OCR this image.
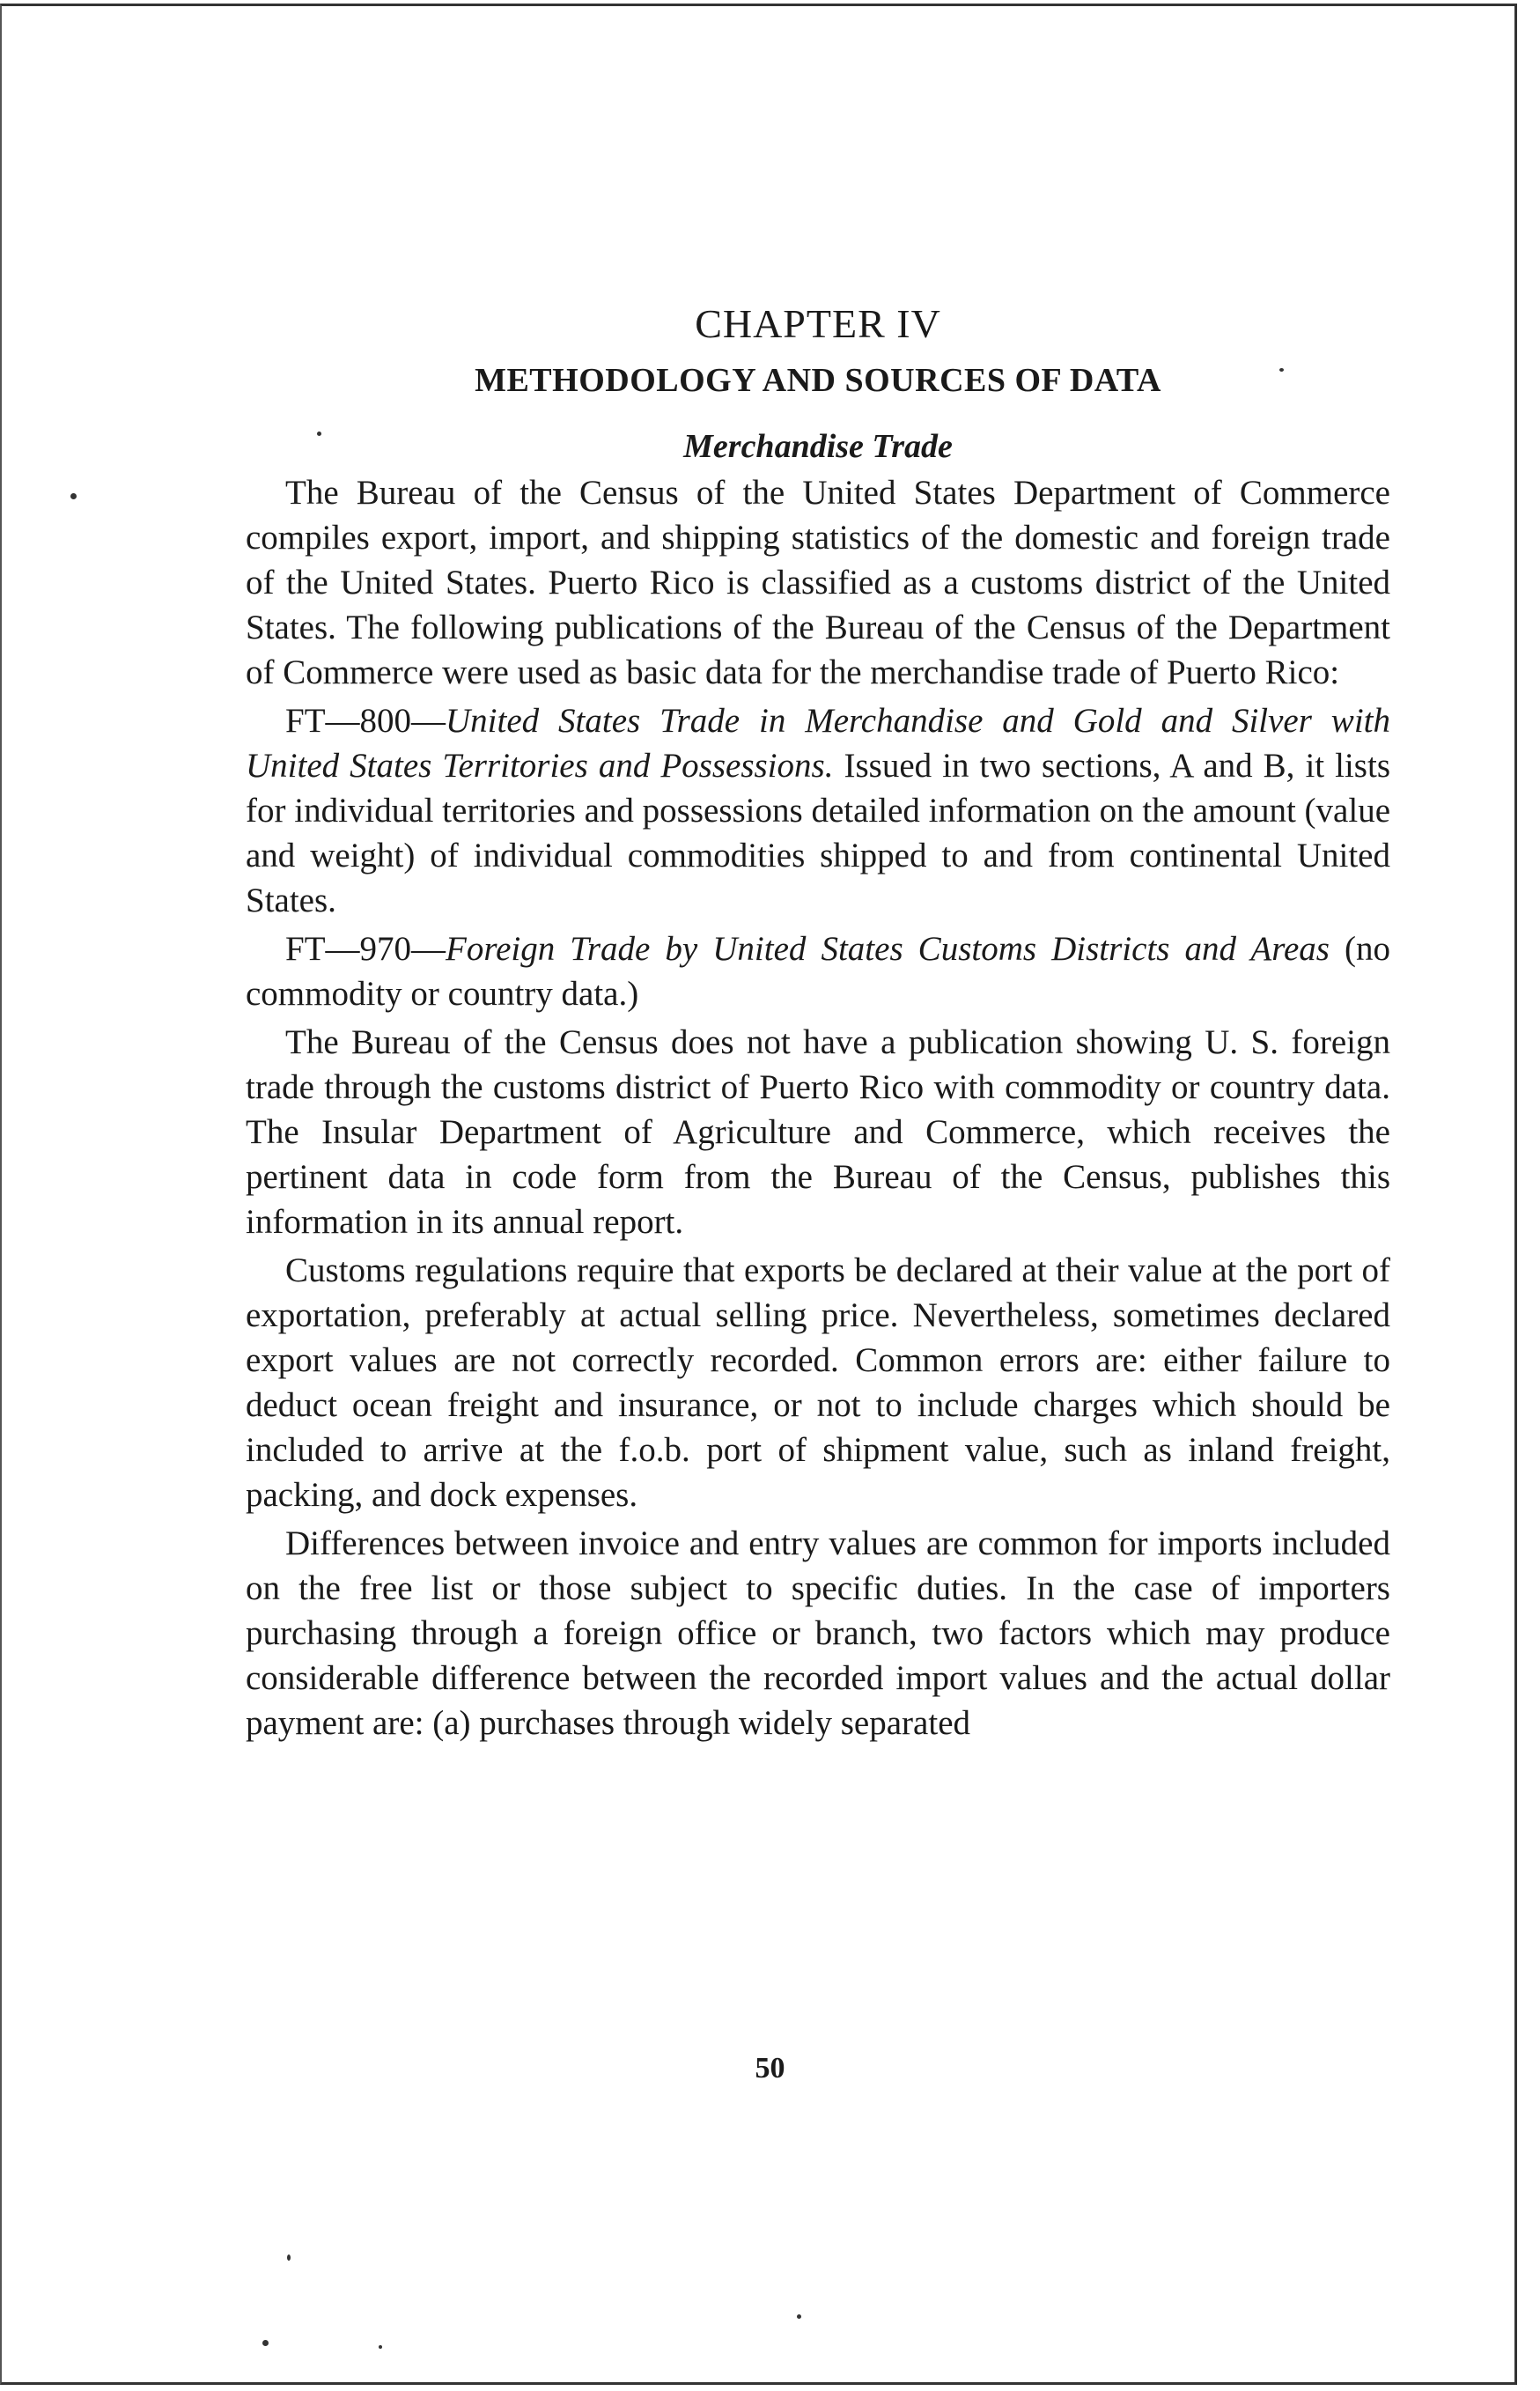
CHAPTER IV
METHODOLOGY AND SOURCES OF DATA
Merchandise Trade

The Bureau of the Census of the United States Department of Commerce compiles export, import, and shipping statistics of the domestic and foreign trade of the United States. Puerto Rico is classified as a customs district of the United States. The following publications of the Bureau of the Census of the Department of Commerce were used as basic data for the merchandise trade of Puerto Rico:

FT—800—United States Trade in Merchandise and Gold and Silver with United States Territories and Possessions. Issued in two sections, A and B, it lists for individual territories and possessions detailed information on the amount (value and weight) of individual commodities shipped to and from continental United States.

FT—970—Foreign Trade by United States Customs Districts and Areas (no commodity or country data.)

The Bureau of the Census does not have a publication showing U. S. foreign trade through the customs district of Puerto Rico with commodity or country data. The Insular Department of Agriculture and Commerce, which receives the pertinent data in code form from the Bureau of the Census, publishes this information in its annual report.

Customs regulations require that exports be declared at their value at the port of exportation, preferably at actual selling price. Nevertheless, sometimes declared export values are not correctly recorded. Common errors are: either failure to deduct ocean freight and insurance, or not to include charges which should be included to arrive at the f.o.b. port of shipment value, such as inland freight, packing, and dock expenses.

Differences between invoice and entry values are common for imports included on the free list or those subject to specific duties. In the case of importers purchasing through a foreign office or branch, two factors which may produce considerable difference between the recorded import values and the actual dollar payment are: (a) purchases through widely separated

50
